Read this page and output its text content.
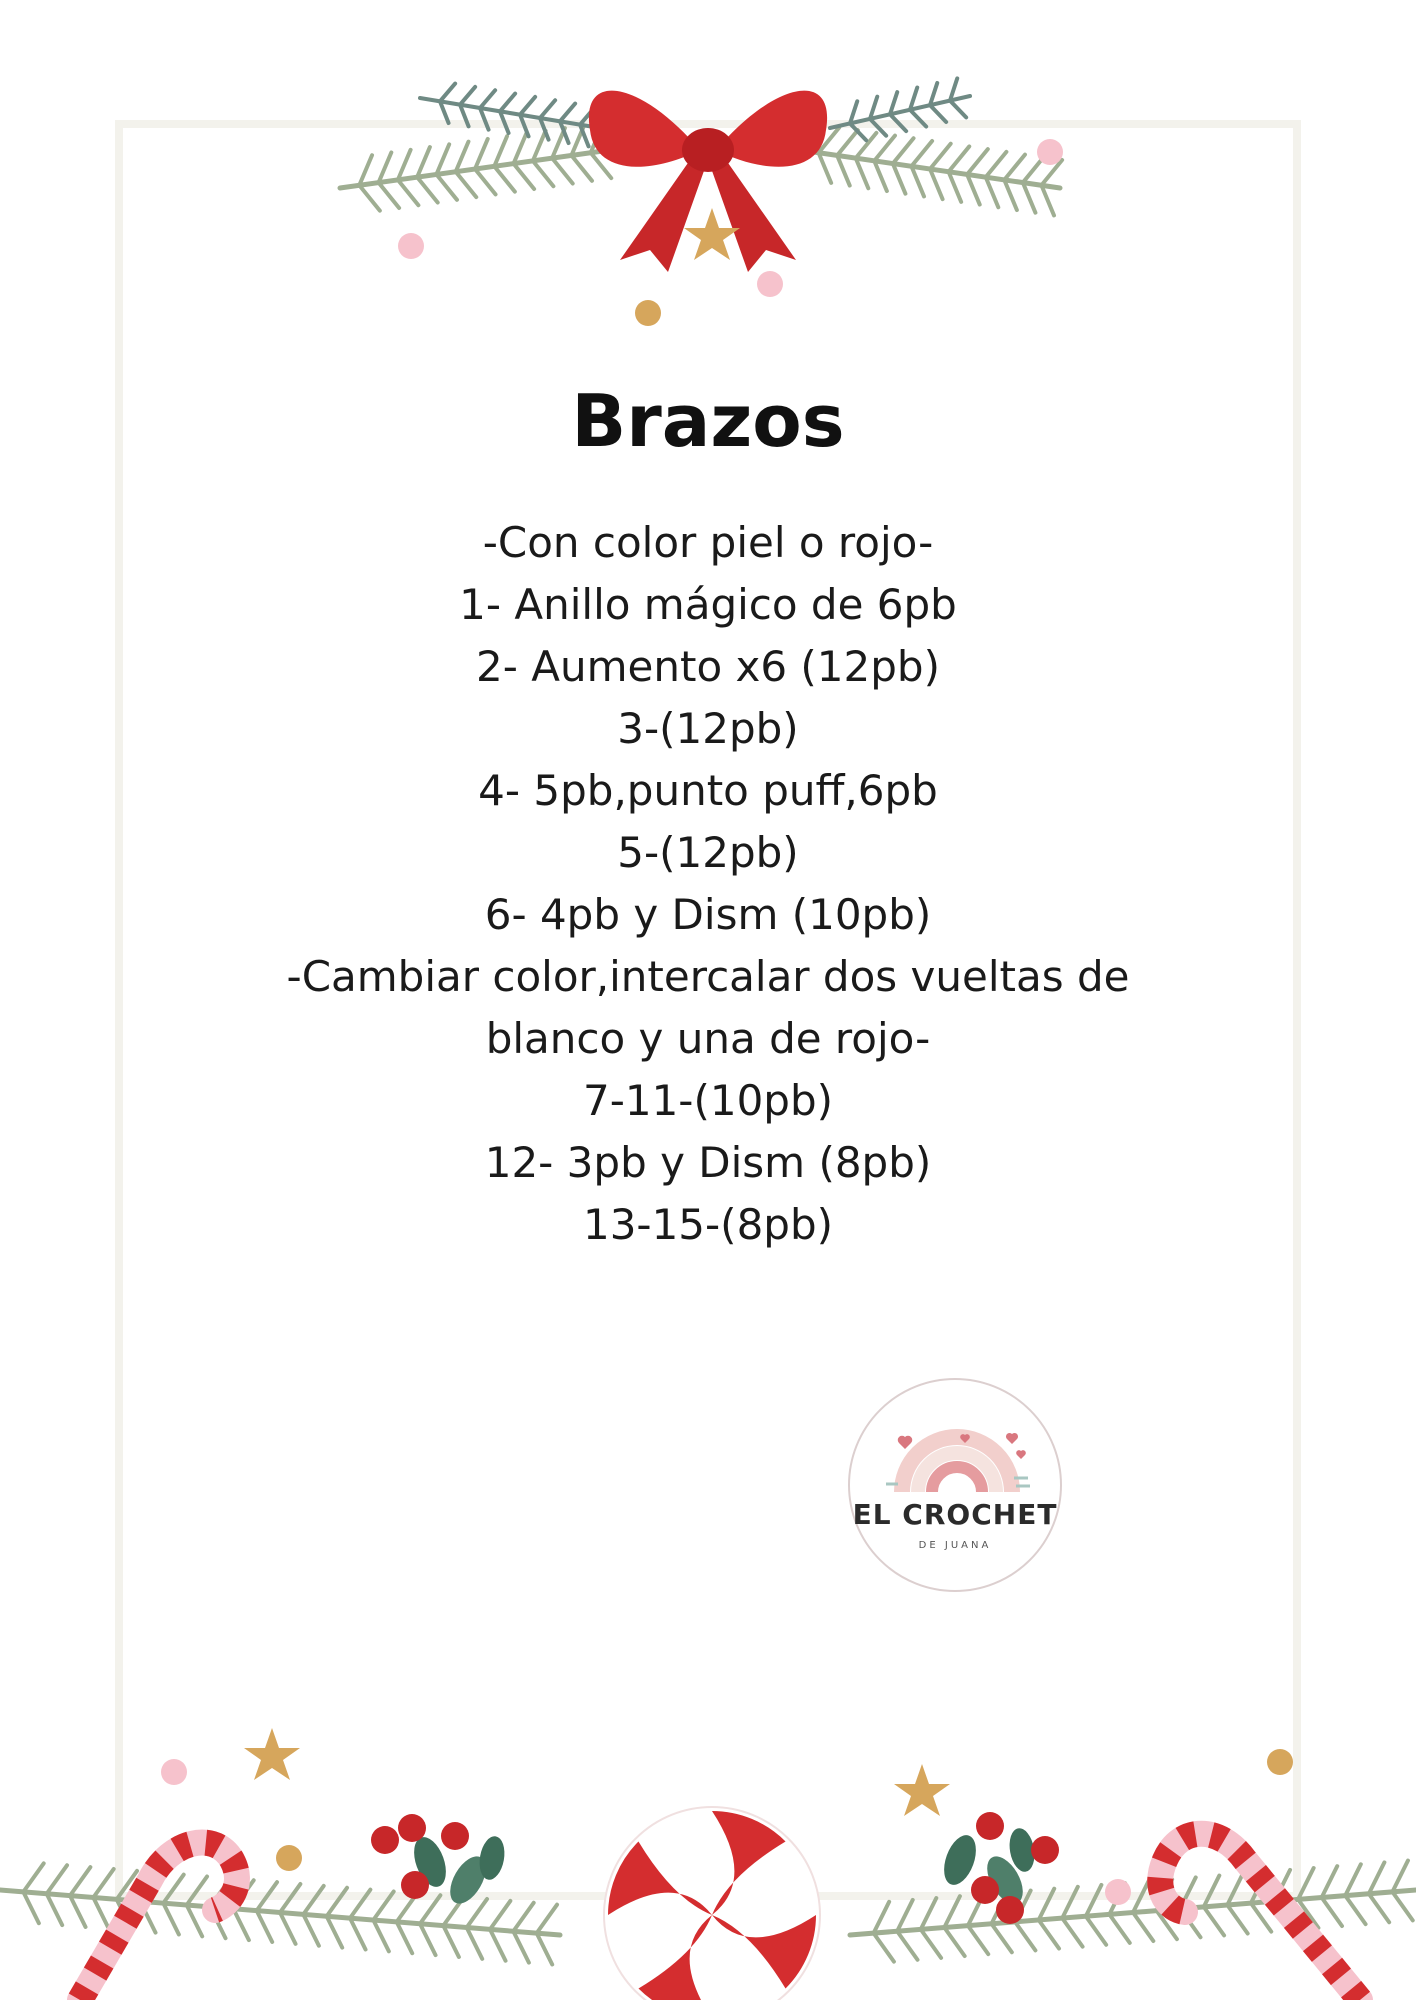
Brazos
-Con color piel o rojo-
1- Anillo mágico de 6pb
2- Aumento x6 (12pb)
3-(12pb)
4- 5pb,punto puff,6pb
5-(12pb)
6- 4pb y Dism (10pb)
-Cambiar color,intercalar dos vueltas de
blanco y una de rojo-
7-11-(10pb)
12- 3pb y Dism (8pb)
13-15-(8pb)
EL CROCHET
DE JUANA
